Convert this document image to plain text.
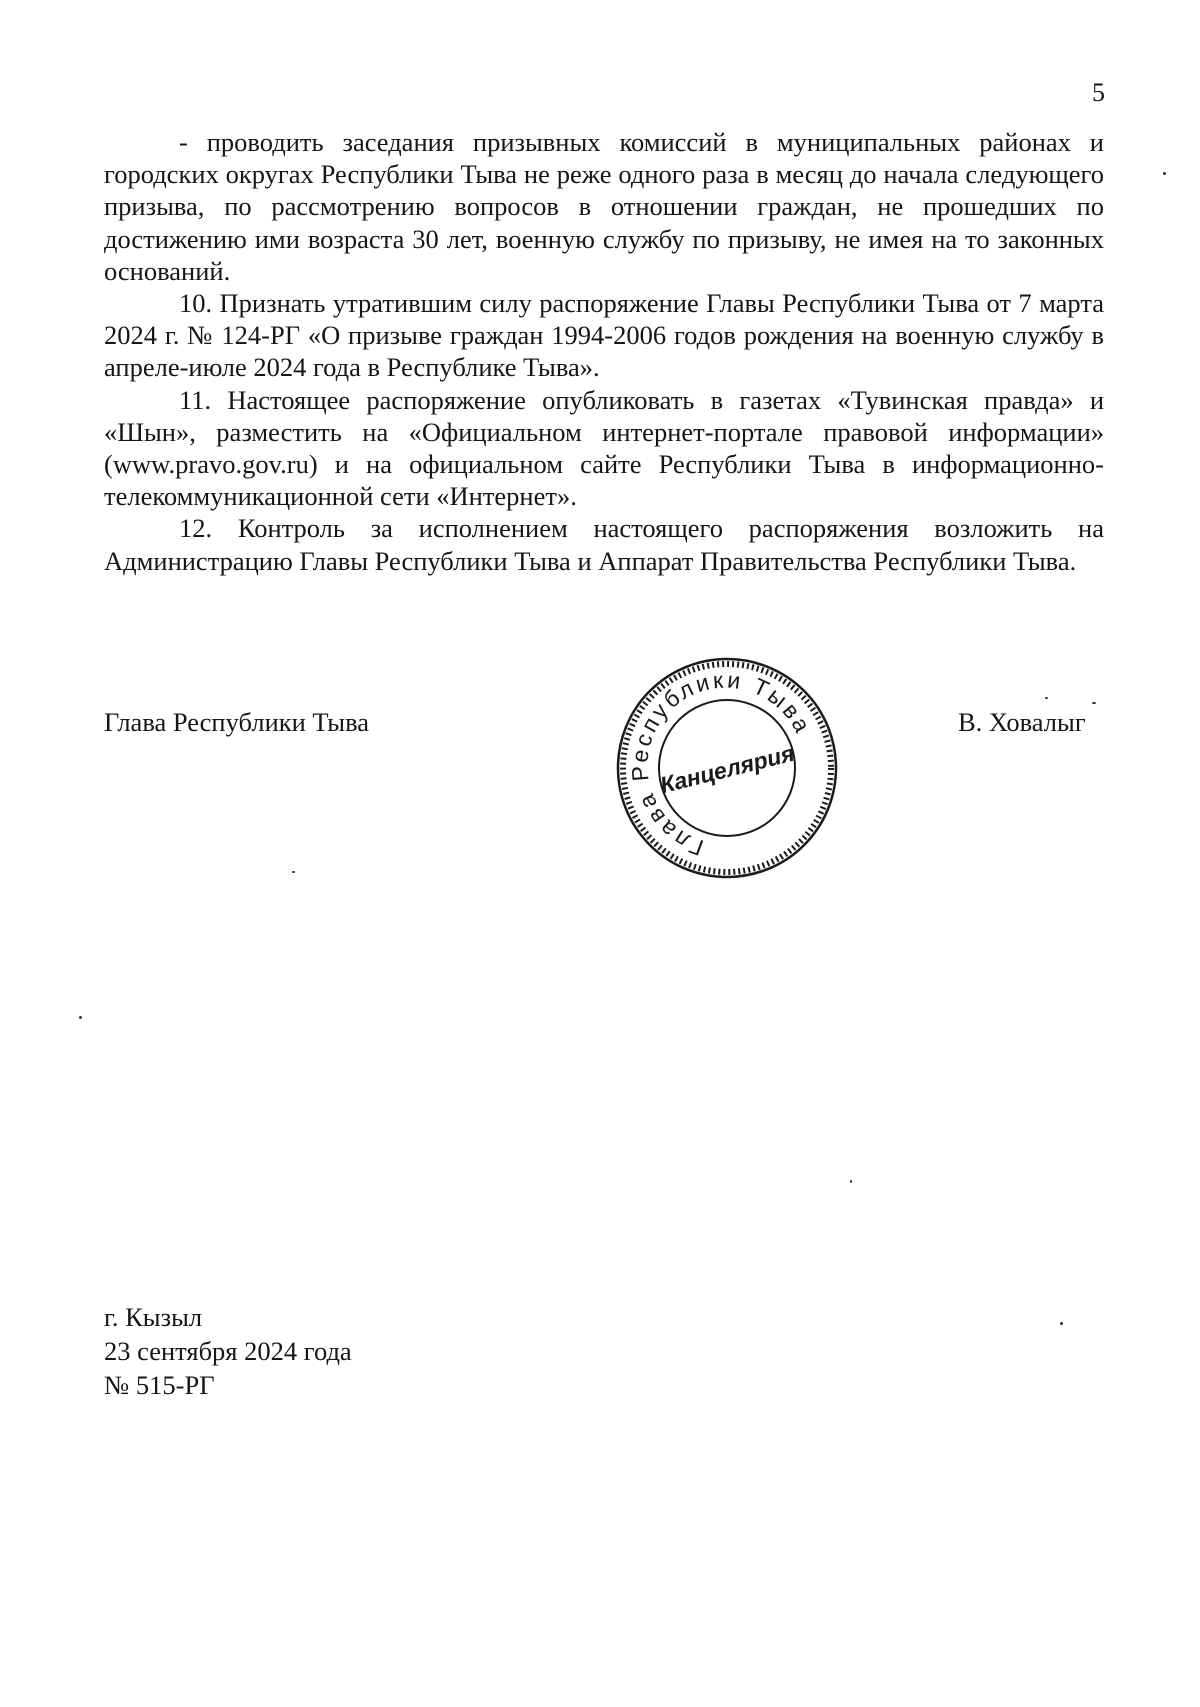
5

- проводить заседания призывных комиссий в муниципальных районах и городских округах Республики Тыва не реже одного раза в месяц до начала следующего призыва, по рассмотрению вопросов в отношении граждан, не прошедших по достижению ими возраста 30 лет, военную службу по призыву, не имея на то законных оснований.

10. Признать утратившим силу распоряжение Главы Республики Тыва от 7 марта 2024 г. № 124-РГ «О призыве граждан 1994-2006 годов рождения на военную службу в апреле-июле 2024 года в Республике Тыва».

11. Настоящее распоряжение опубликовать в газетах «Тувинская правда» и «Шын», разместить на «Официальном интернет-портале правовой информации» (www.pravo.gov.ru) и на официальном сайте Республики Тыва в информационно-телекоммуникационной сети «Интернет».

12. Контроль за исполнением настоящего распоряжения возложить на Администрацию Главы Республики Тыва и Аппарат Правительства Республики Тыва.

Глава Республики Тыва	В. Ховалыг
Глава Республики Тыва
Канцелярия
г. Кызыл
23 сентября 2024 года
№ 515-РГ
